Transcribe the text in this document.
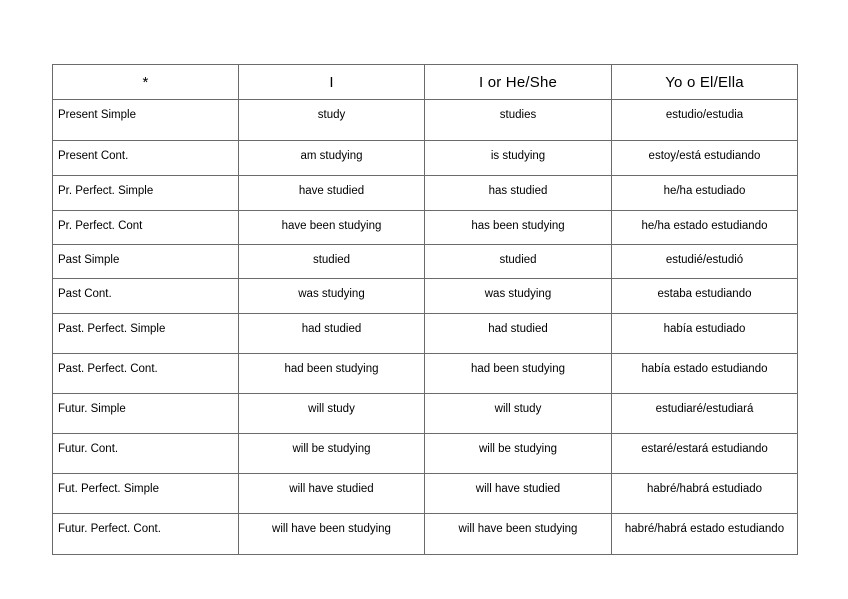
*	I	I or He/She	Yo o El/Ella
Present Simple	study	studies	estudio/estudia
Present Cont.	am studying	is studying	estoy/está estudiando
Pr. Perfect. Simple	have studied	has studied	he/ha estudiado
Pr. Perfect. Cont	have been studying	has been studying	he/ha estado estudiando
Past Simple	studied	studied	estudié/estudió
Past Cont.	was studying	was studying	estaba estudiando
Past. Perfect. Simple	had studied	had studied	había estudiado
Past. Perfect. Cont.	had been studying	had been studying	había estado estudiando
Futur. Simple	will study	will study	estudiaré/estudiará
Futur. Cont.	will be studying	will be studying	estaré/estará estudiando
Fut. Perfect. Simple	will have studied	will have studied	habré/habrá estudiado
Futur. Perfect. Cont.	will have been studying	will have been studying	habré/habrá estado estudiando
